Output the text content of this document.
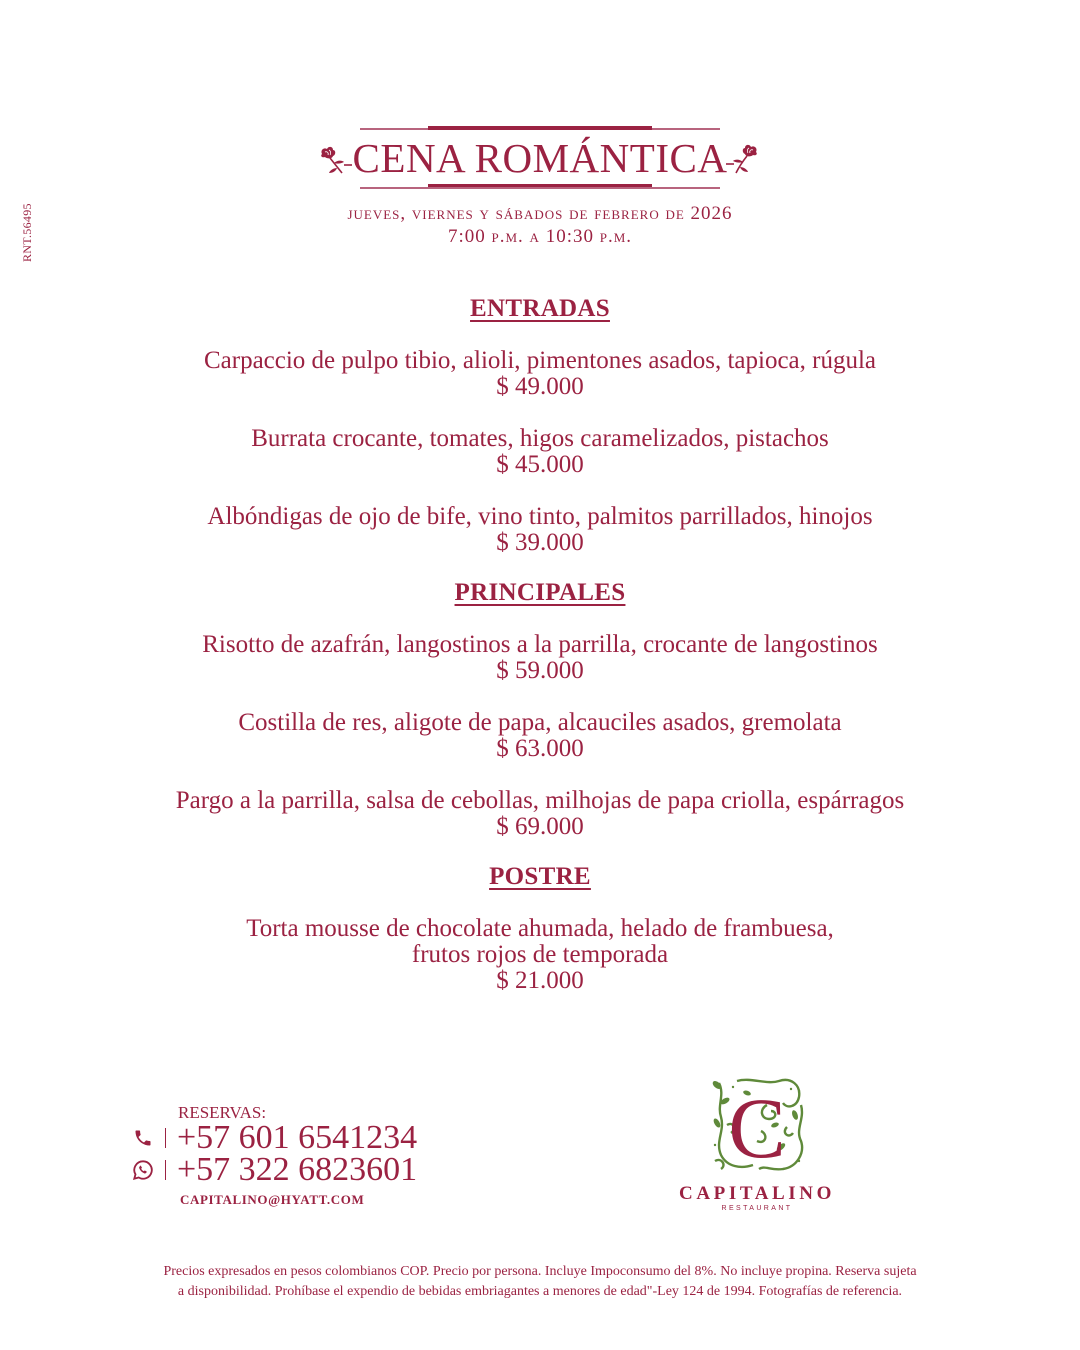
RNT.56495
CENA ROMÁNTICA
jueves, viernes y sábados de febrero de 2026
7:00 p.m. a 10:30 p.m.
ENTRADAS
Carpaccio de pulpo tibio, alioli, pimentones asados, tapioca, rúgula
$ 49.000
Burrata crocante, tomates, higos caramelizados, pistachos
$ 45.000
Albóndigas de ojo de bife, vino tinto, palmitos parrillados, hinojos
$ 39.000
PRINCIPALES
Risotto de azafrán, langostinos a la parrilla, crocante de langostinos
$ 59.000
Costilla de res, aligote de papa, alcauciles asados, gremolata
$ 63.000
Pargo a la parrilla, salsa de cebollas, milhojas de papa criolla, espárragos
$ 69.000
POSTRE
Torta mousse de chocolate ahumada, helado de frambuesa,
frutos rojos de temporada
$ 21.000
RESERVAS:
+57 601 6541234
+57 322 6823601
CAPITALINO@HYATT.COM
C
CAPITALINO
RESTAURANT
Precios expresados en pesos colombianos COP. Precio por persona. Incluye Impoconsumo del 8%. No incluye propina. Reserva sujeta
a disponibilidad. Prohíbase el expendio de bebidas embriagantes a menores de edad"-Ley 124 de 1994. Fotografías de referencia.
